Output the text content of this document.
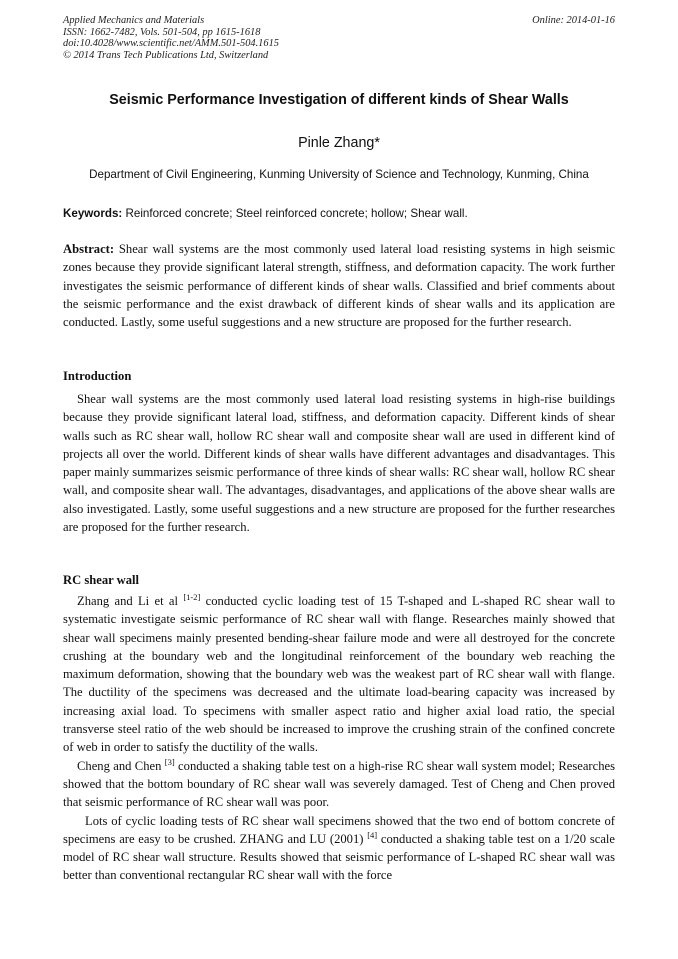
Applied Mechanics and Materials
ISSN: 1662-7482, Vols. 501-504, pp 1615-1618
doi:10.4028/www.scientific.net/AMM.501-504.1615
© 2014 Trans Tech Publications Ltd, Switzerland
Online: 2014-01-16
Seismic Performance Investigation of different kinds of Shear Walls
Pinle Zhang*
Department of Civil Engineering, Kunming University of Science and Technology, Kunming, China
Keywords: Reinforced concrete; Steel reinforced concrete; hollow; Shear wall.

Abstract: Shear wall systems are the most commonly used lateral load resisting systems in high seismic zones because they provide significant lateral strength, stiffness, and deformation capacity. The work further investigates the seismic performance of different kinds of shear walls. Classified and brief comments about the seismic performance and the exist drawback of different kinds of shear walls and its application are conducted. Lastly, some useful suggestions and a new structure are proposed for the further research.

Introduction

Shear wall systems are the most commonly used lateral load resisting systems in high-rise buildings because they provide significant lateral load, stiffness, and deformation capacity. Different kinds of shear walls such as RC shear wall, hollow RC shear wall and composite shear wall are used in different kind of projects all over the world. Different kinds of shear walls have different advantages and disadvantages. This paper mainly summarizes seismic performance of three kinds of shear walls: RC shear wall, hollow RC shear wall, and composite shear wall. The advantages, disadvantages, and applications of the above shear walls are also investigated. Lastly, some useful suggestions and a new structure are proposed for the further researches are proposed for the further research.

RC shear wall

Zhang and Li et al [1-2] conducted cyclic loading test of 15 T-shaped and L-shaped RC shear wall to systematic investigate seismic performance of RC shear wall with flange. Researches mainly showed that shear wall specimens mainly presented bending-shear failure mode and were all destroyed for the concrete crushing at the boundary web and the longitudinal reinforcement of the boundary web reaching the maximum deformation, showing that the boundary web was the weakest part of RC shear wall with flange. The ductility of the specimens was decreased and the ultimate load-bearing capacity was increased by increasing axial load. To specimens with smaller aspect ratio and higher axial load ratio, the special transverse steel ratio of the web should be increased to improve the crushing strain of the confined concrete of web in order to satisfy the ductility of the walls.

Cheng and Chen [3] conducted a shaking table test on a high-rise RC shear wall system model; Researches showed that the bottom boundary of RC shear wall was severely damaged. Test of Cheng and Chen proved that seismic performance of RC shear wall was poor.

Lots of cyclic loading tests of RC shear wall specimens showed that the two end of bottom concrete of specimens are easy to be crushed. ZHANG and LU (2001) [4] conducted a shaking table test on a 1/20 scale model of RC shear wall structure. Results showed that seismic performance of L-shaped RC shear wall was better than conventional rectangular RC shear wall with the force
